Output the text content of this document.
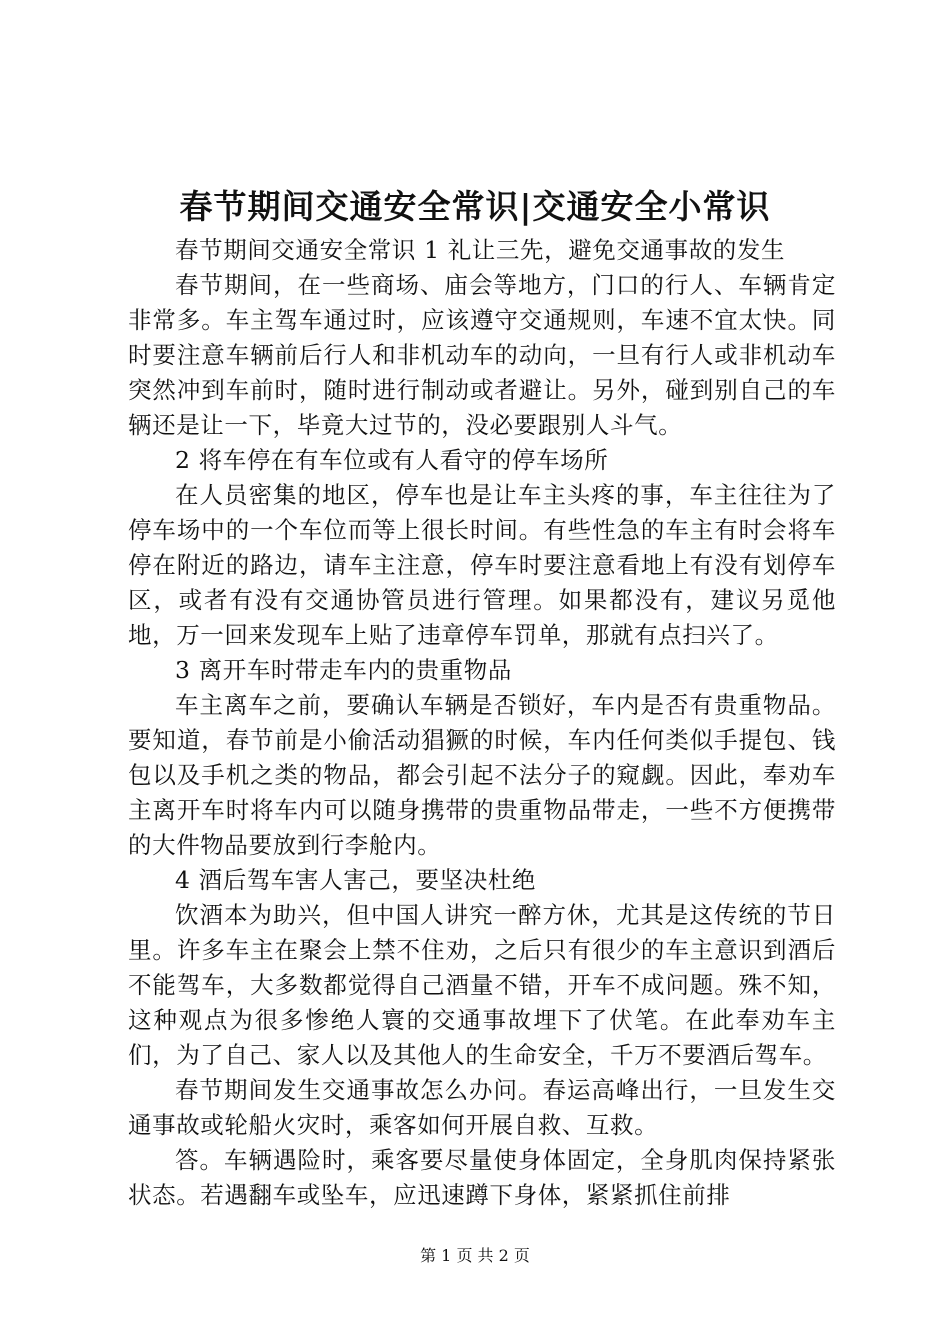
春节期间交通安全常识|交通安全小常识

春节期间交通安全常识 1 礼让三先，避免交通事故的发生

春节期间，在一些商场、庙会等地方，门口的行人、车辆肯定非常多。车主驾车通过时，应该遵守交通规则，车速不宜太快。同时要注意车辆前后行人和非机动车的动向，一旦有行人或非机动车突然冲到车前时，随时进行制动或者避让。另外，碰到别自己的车辆还是让一下，毕竟大过节的，没必要跟别人斗气。

2 将车停在有车位或有人看守的停车场所

在人员密集的地区，停车也是让车主头疼的事，车主往往为了停车场中的一个车位而等上很长时间。有些性急的车主有时会将车停在附近的路边，请车主注意，停车时要注意看地上有没有划停车区，或者有没有交通协管员进行管理。如果都没有，建议另觅他地，万一回来发现车上贴了违章停车罚单，那就有点扫兴了。

3 离开车时带走车内的贵重物品

车主离车之前，要确认车辆是否锁好，车内是否有贵重物品。要知道，春节前是小偷活动猖獗的时候，车内任何类似手提包、钱包以及手机之类的物品，都会引起不法分子的窥觑。因此，奉劝车主离开车时将车内可以随身携带的贵重物品带走，一些不方便携带的大件物品要放到行李舱内。

4 酒后驾车害人害己，要坚决杜绝

饮酒本为助兴，但中国人讲究一醉方休，尤其是这传统的节日里。许多车主在聚会上禁不住劝，之后只有很少的车主意识到酒后不能驾车，大多数都觉得自己酒量不错，开车不成问题。殊不知，这种观点为很多惨绝人寰的交通事故埋下了伏笔。在此奉劝车主们，为了自己、家人以及其他人的生命安全，千万不要酒后驾车。

春节期间发生交通事故怎么办问。春运高峰出行，一旦发生交通事故或轮船火灾时，乘客如何开展自救、互救。

答。车辆遇险时，乘客要尽量使身体固定，全身肌肉保持紧张状态。若遇翻车或坠车，应迅速蹲下身体，紧紧抓住前排

第 1 页 共 2 页
